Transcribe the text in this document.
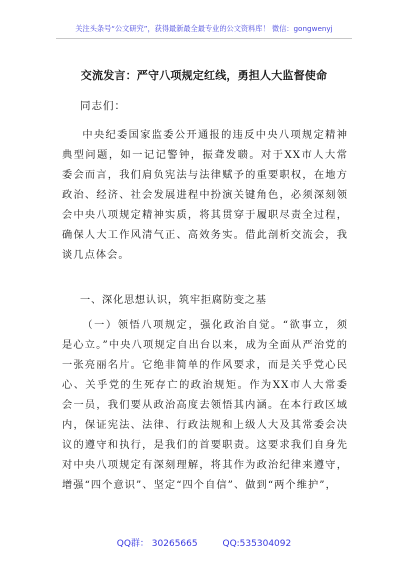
关注头条号“公文研究”，获得最新最全最专业的公文资料库！ 微信：gongwenyj
交流发言：严守八项规定红线，勇担人大监督使命
同志们：

中央纪委国家监委公开通报的违反中央八项规定精神典型问题，如一记记警钟，振聋发聩。对于XX市人大常委会而言，我们肩负宪法与法律赋予的重要职权，在地方政治、经济、社会发展进程中扮演关键角色，必须深刻领会中央八项规定精神实质，将其贯穿于履职尽责全过程，确保人大工作风清气正、高效务实。借此剖析交流会，我谈几点体会。

一、深化思想认识，筑牢拒腐防变之基

（一）领悟八项规定，强化政治自觉。“欲事立，须是心立。”中央八项规定自出台以来，成为全面从严治党的一张亮丽名片。它绝非简单的作风要求，而是关乎党心民心、关乎党的生死存亡的政治规矩。作为XX市人大常委会一员，我们要从政治高度去领悟其内涵。在本行政区域内，保证宪法、法律、行政法规和上级人大及其常委会决议的遵守和执行，是我们的首要职责。这要求我们自身先对中央八项规定有深刻理解，将其作为政治纪律来遵守，增强“四个意识”、坚定“四个自信”、做到“两个维护”，

QQ群： 30265665	QQ:535304092
